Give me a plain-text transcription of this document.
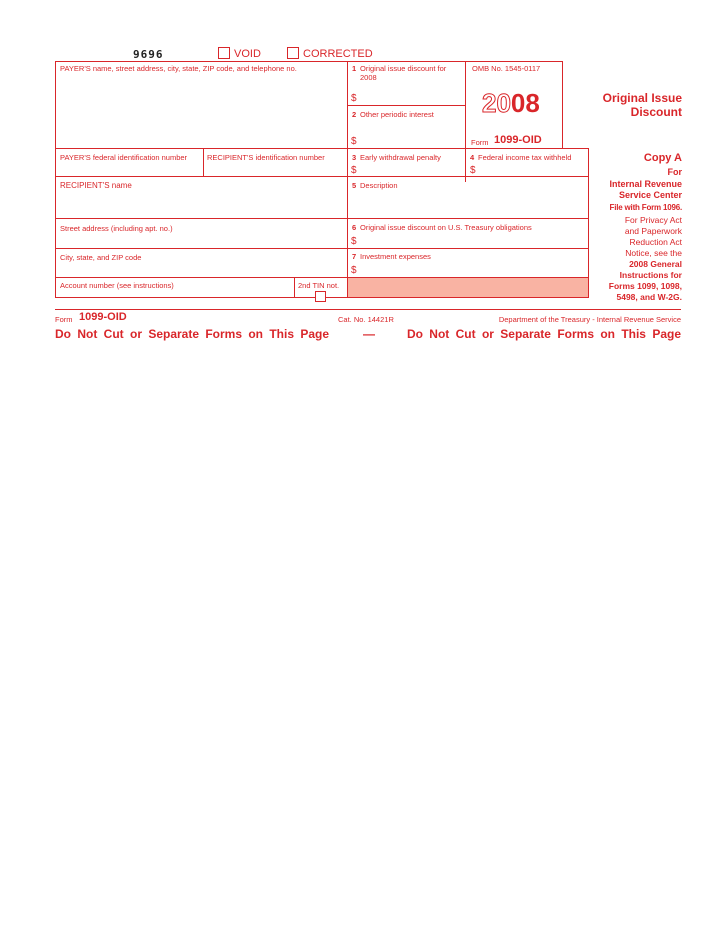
9696	VOID	CORRECTED
PAYER'S name, street address, city, state, ZIP code, and telephone no.	1 Original issue discount for 2008
$
OMB No. 1545-0117
2008
2 Other periodic interest
$	Form 1099-OID
Original Issue
Discount
PAYER'S federal identification number	RECIPIENT'S identification number	3 Early withdrawal penalty
$
4 Federal income tax withheld
$
Copy A
For
Internal Revenue
Service Center
File with Form 1096.
For Privacy Act
and Paperwork
Reduction Act
Notice, see the
2008 General
Instructions for
Forms 1099, 1098,
5498, and W-2G.
RECIPIENT'S name	5 Description
Street address (including apt. no.)	6 Original issue discount on U.S. Treasury obligations
$
City, state, and ZIP code	7 Investment expenses
$
Account number (see instructions)	2nd TIN not.
Form 1099-OID	Cat. No. 14421R	Department of the Treasury - Internal Revenue Service
Do Not Cut or Separate Forms on This Page	—	Do Not Cut or Separate Forms on This Page
